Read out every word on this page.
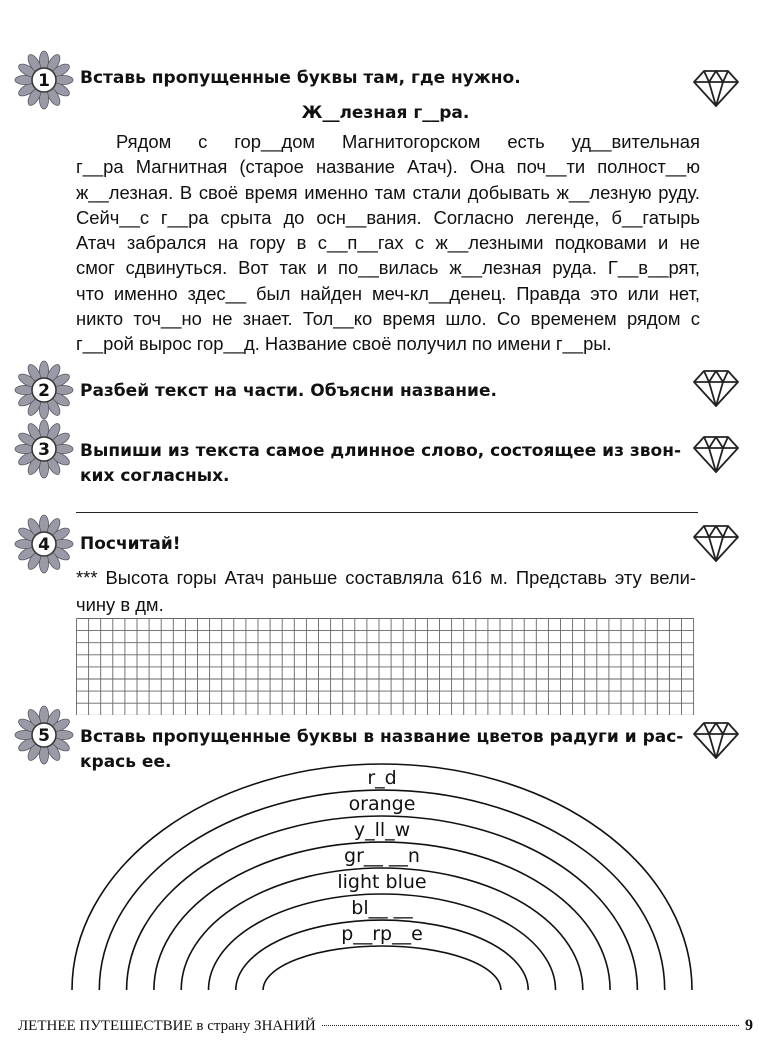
1 Вставь пропущенные буквы там, где нужно.

Ж__лезная г__ра.
Рядом с гор__дом Магнитогорском есть уд__вительная
г__ра Магнитная (старое название Атач). Она поч__ти полност__ю
ж__лезная. В своё время именно там стали добывать ж__лезную руду.
Сейч__с г__ра срыта до осн__вания. Согласно легенде, б__гатырь
Атач забрался на гору в с__п__гах с ж__лезными подковами и не
смог сдвинуться. Вот так и по__вилась ж__лезная руда. Г__в__рят,
что именно здес__ был найден меч-кл__денец. Правда это или нет,
никто точ__но не знает. Тол__ко время шло. Со временем рядом с
г__рой вырос гор__д. Название своё получил по имени г__ры.
2 Разбей текст на части. Объясни название.

3 Выпиши из текста самое длинное слово, состоящее из звон-
ких согласных.
4 Посчитай!

*** Высота горы Атач раньше составляла 616 м. Представь эту вели-
чину в дм.
5 Вставь пропущенные буквы в название цветов радуги и рас-
крась ее.
r_d
orange
y_ll_w
gr__ __n
light blue
bl__ __
p__rp__e
ЛЕТНЕЕ ПУТЕШЕСТВИЕ в страну ЗНАНИЙ	9
